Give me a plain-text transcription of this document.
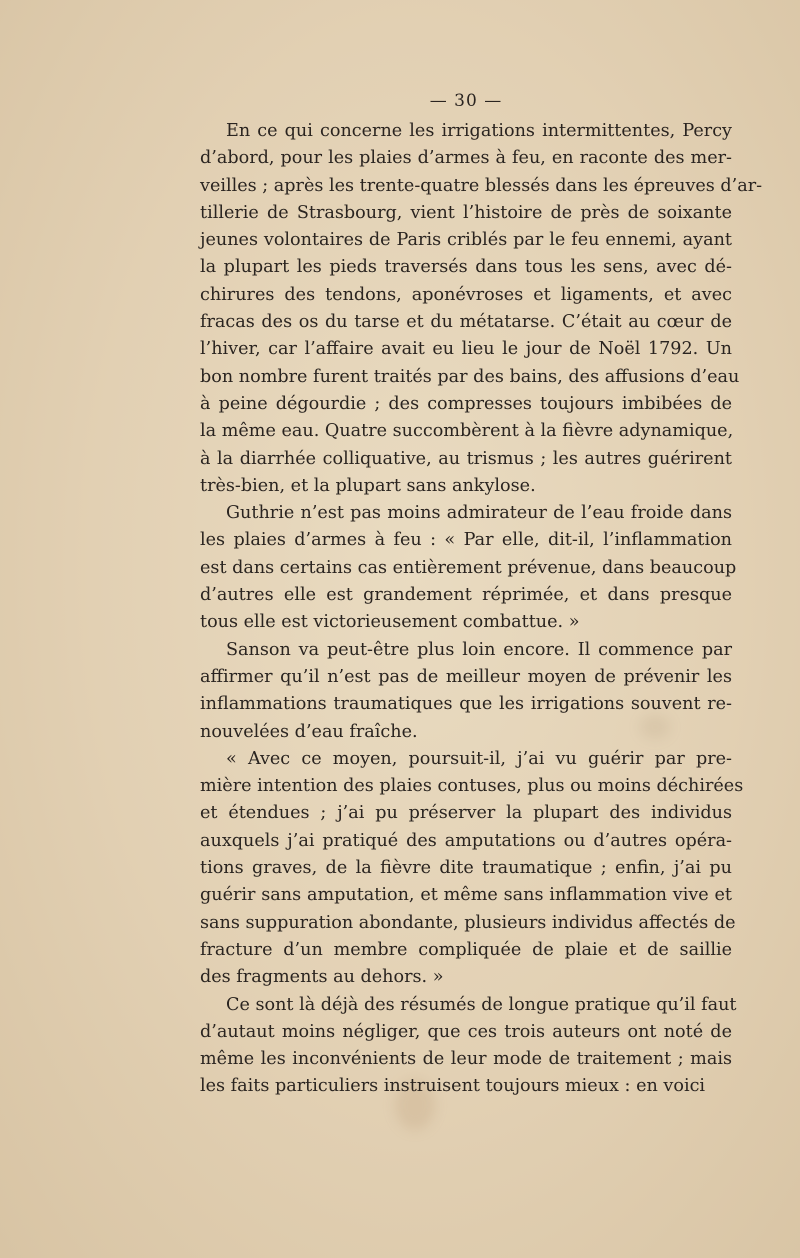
— 30 —
En ce qui concerne les irrigations intermittentes, Percy
d’abord, pour les plaies d’armes à feu, en raconte des mer-
veilles ; après les trente-quatre blessés dans les épreuves d’ar-
tillerie de Strasbourg, vient l’histoire de près de soixante
jeunes volontaires de Paris criblés par le feu ennemi, ayant
la plupart les pieds traversés dans tous les sens, avec dé-
chirures des tendons, aponévroses et ligaments, et avec
fracas des os du tarse et du métatarse. C’était au cœur de
l’hiver, car l’affaire avait eu lieu le jour de Noël 1792. Un
bon nombre furent traités par des bains, des affusions d’eau
à peine dégourdie ; des compresses toujours imbibées de
la même eau. Quatre succombèrent à la fièvre adynamique,
à la diarrhée colliquative, au trismus ; les autres guérirent
très-bien, et la plupart sans ankylose.
Guthrie n’est pas moins admirateur de l’eau froide dans
les plaies d’armes à feu : « Par elle, dit-il, l’inflammation
est dans certains cas entièrement prévenue, dans beaucoup
d’autres elle est grandement réprimée, et dans presque
tous elle est victorieusement combattue. »
Sanson va peut-être plus loin encore. Il commence par
affirmer qu’il n’est pas de meilleur moyen de prévenir les
inflammations traumatiques que les irrigations souvent re-
nouvelées d’eau fraîche.
« Avec ce moyen, poursuit-il, j’ai vu guérir par pre-
mière intention des plaies contuses, plus ou moins déchirées
et étendues ; j’ai pu préserver la plupart des individus
auxquels j’ai pratiqué des amputations ou d’autres opéra-
tions graves, de la fièvre dite traumatique ; enfin, j’ai pu
guérir sans amputation, et même sans inflammation vive et
sans suppuration abondante, plusieurs individus affectés de
fracture d’un membre compliquée de plaie et de saillie
des fragments au dehors. »
Ce sont là déjà des résumés de longue pratique qu’il faut
d’autaut moins négliger, que ces trois auteurs ont noté de
même les inconvénients de leur mode de traitement ; mais
les faits particuliers instruisent toujours mieux : en voici
